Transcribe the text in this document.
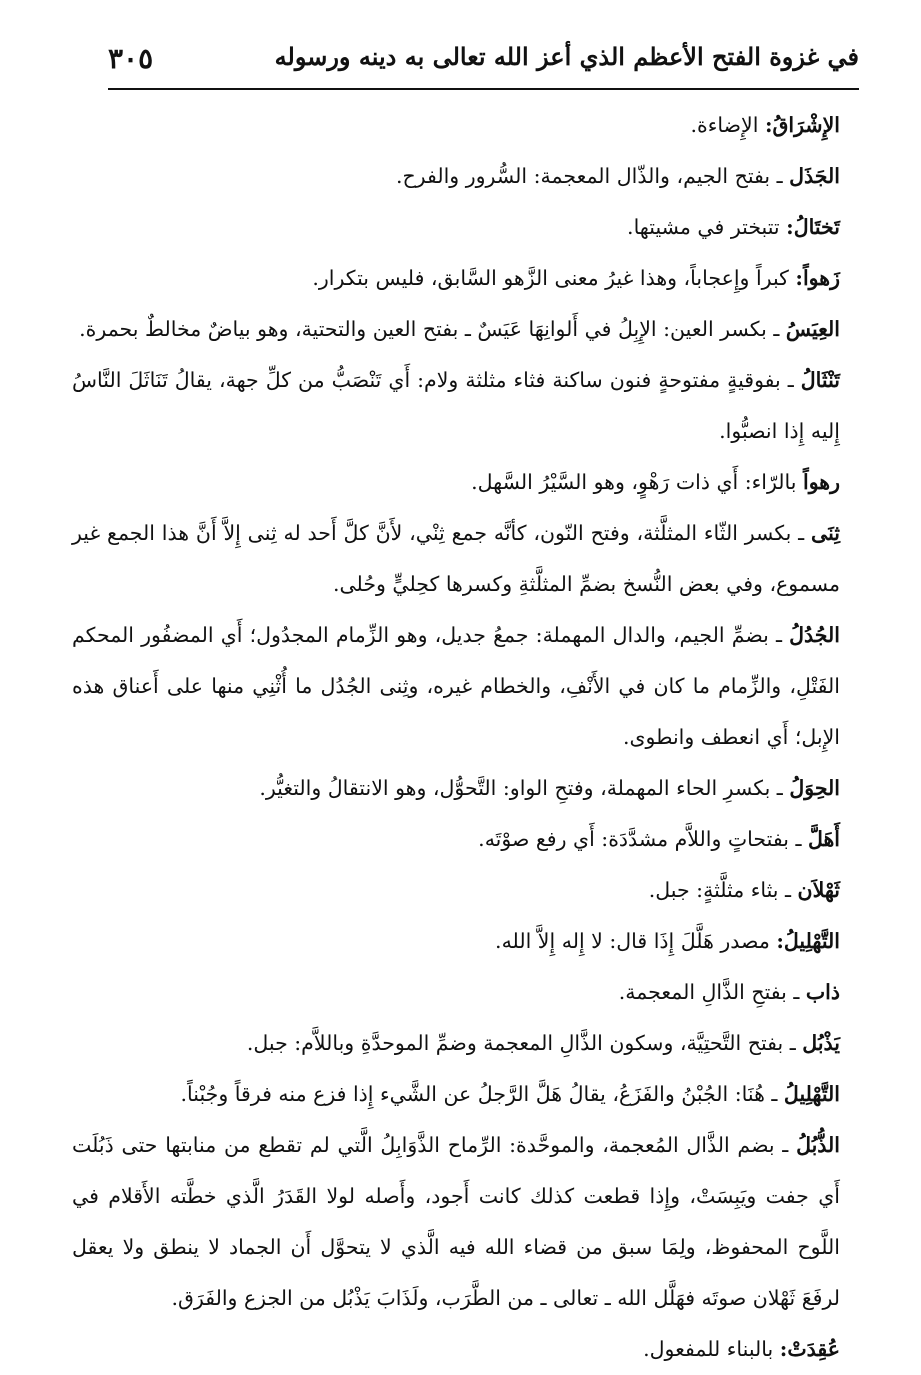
٣٠٥	في غزوة الفتح الأعظم الذي أعز الله تعالى به دينه ورسوله

الإِشْرَاقُ: الإِضاءة.

الجَذَل ـ بفتح الجيم، والذّال المعجمة: السُّرور والفرح.

تَختَالُ: تتبختر في مشيتها.

زَهواً: كبراً وإِعجاباً، وهذا غيرُ معنى الزَّهو السَّابق، فليس بتكرار.

العِيَسُ ـ بكسر العين: الإِبِلُ في أَلوانِهَا عَيَسٌ ـ بفتح العين والتحتية، وهو بياضٌ مخالطٌ بحمرة.

تَنْثَالُ ـ بفوقيةٍ مفتوحةٍ فنون ساكنة فثاء مثلثة ولام: أَي تَنْصَبُّ من كلِّ جهة، يقالُ تَنَاثَلَ النَّاسُ إِليه إِذا انصبُّوا.

رهواً بالرّاء: أَي ذات رَهْوٍ، وهو السَّيْرُ السَّهل.

ثِنَى ـ بكسر الثّاء المثلَّثة، وفتح النّون، كأنَّه جمع ثِنْي، لأَنَّ كلَّ أَحد له ثِنى إِلاَّ أَنَّ هذا الجمع غير مسموع، وفي بعض النُّسخ بضمِّ المثلَّثةِ وكسرها كحِليٍّ وحُلى.

الجُدُلُ ـ بضمِّ الجيم، والدال المهملة: جمعُ جديل، وهو الزِّمام المجدُول؛ أَي المضفُور المحكم الفَتْلِ، والزِّمام ما كان في الأَنْفِ، والخطام غيره، وثِنى الجُدُل ما أُثْنِي منها على أَعناق هذه الإِبل؛ أَي انعطف وانطوى.

الحِوَلُ ـ بكسرِ الحاء المهملة، وفتحِ الواو: التَّحوُّل، وهو الانتقالُ والتغيُّر.

أَهَلَّ ـ بفتحاتٍ واللاَّم مشدَّدَة: أَي رفع صوْتَه.

ثَهْلاَن ـ بثاء مثلَّثةٍ: جبل.

التَّهْلِيلُ: مصدر هَلَّلَ إِذَا قال: لا إِله إِلاَّ الله.

ذاب ـ بفتحِ الذَّالِ المعجمة.

يَذْبُل ـ بفتح التَّحتِيَّة، وسكون الذَّالِ المعجمة وضمِّ الموحدَّةِ وباللاَّم: جبل.

التَّهْلِيلُ ـ هُنَا: الجُبْنُ والفَزَعُ، يقالُ هَلَّ الرَّجلُ عن الشَّيء إِذا فزع منه فرقاً وجُبْناً.

الذُّبُلُ ـ بضم الذَّال المُعجمة، والموحَّدة: الرِّماح الذَّوَابِلُ الَّتي لم تقطع من منابتها حتى ذَبُلَت أَي جفت ويَبِسَتْ، وإِذا قطعت كذلك كانت أَجود، وأَصله لولا القَدَرُ الَّذي خطَّته الأَقلام في اللَّوح المحفوظ، ولِمَا سبق من قضاء الله فيه الَّذي لا يتحوَّل أَن الجماد لا ينطق ولا يعقل لرفَعَ ثَهْلان صوتَه فهَلَّل الله ـ تعالى ـ من الطَّرَب، ولَذَابَ يَذْبُل من الجزع والفَرَق.

عُقِدَتْ: بالبناء للمفعول.
